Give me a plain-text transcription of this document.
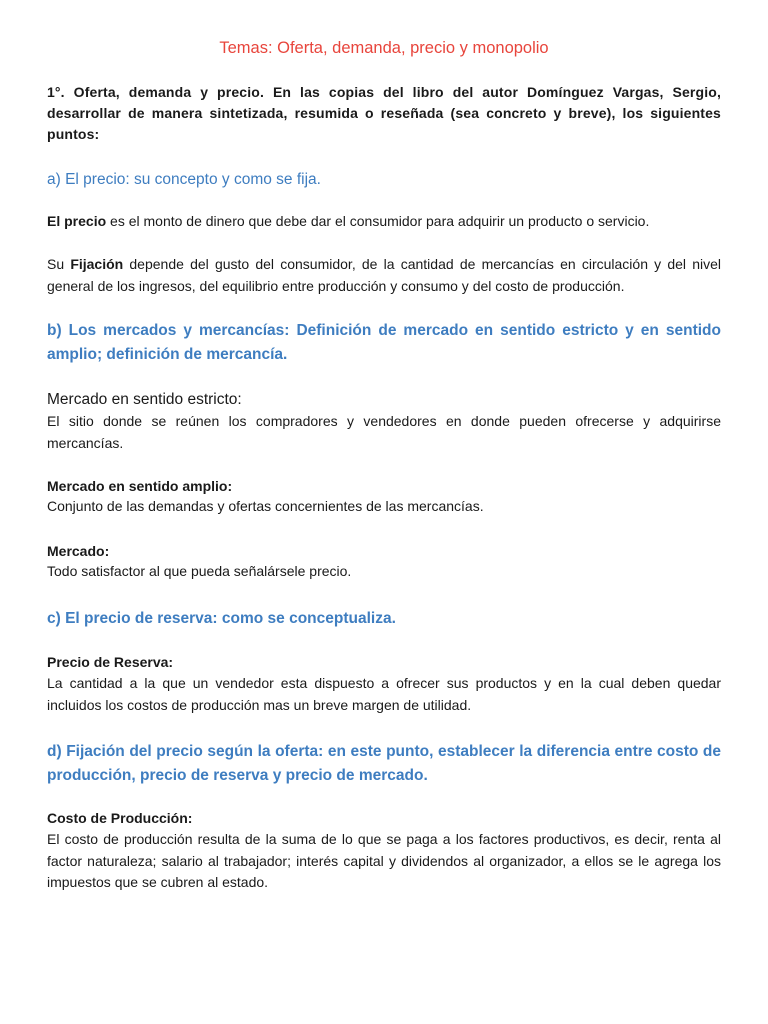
Temas: Oferta, demanda, precio y monopolio
1°. Oferta, demanda y precio. En las copias del libro del autor Domínguez Vargas, Sergio, desarrollar de manera sintetizada, resumida o reseñada (sea concreto y breve), los siguientes puntos:
a) El precio: su concepto y como se fija.
El precio es el monto de dinero que debe dar el consumidor para adquirir un producto o servicio.
Su Fijación depende del gusto del consumidor, de la cantidad de mercancías en circulación y del nivel general de los ingresos, del equilibrio entre producción y consumo y del costo de producción.
b) Los mercados y mercancías: Definición de mercado en sentido estricto y en sentido amplio; definición de mercancía.
Mercado en sentido estricto:
El sitio donde se reúnen los compradores y vendedores en donde pueden ofrecerse y adquirirse mercancías.
Mercado en sentido amplio:
Conjunto de las demandas y ofertas concernientes de las mercancías.
Mercado:
Todo satisfactor al que pueda señalársele precio.
c) El precio de reserva: como se conceptualiza.
Precio de Reserva:
La cantidad a la que un vendedor esta dispuesto a ofrecer sus productos y en la cual deben quedar incluidos los costos de producción mas un breve margen de utilidad.
d) Fijación del precio según la oferta: en este punto, establecer la diferencia entre costo de producción, precio de reserva y precio de mercado.
Costo de Producción:
El costo de producción resulta de la suma de lo que se paga a los factores productivos, es decir, renta al factor naturaleza; salario al trabajador; interés capital y dividendos al organizador, a ellos se le agrega los impuestos que se cubren al estado.
